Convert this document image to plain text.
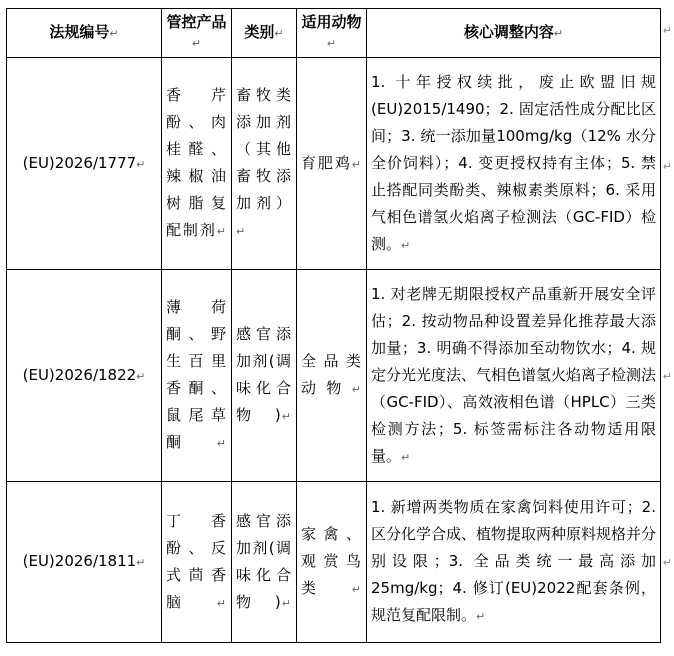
法规编号↵	管控产品↵	类别↵	适用动物↵	核心调整内容↵
(EU)2026/1777↵	香芹酚、肉桂醛、辣椒油树脂复配制剂↵	畜牧类添加剂（其他畜牧添加剂）↵	育肥鸡↵	1. 十年授权续批，废止欧盟旧规(EU)2015/1490；2. 固定活性成分配比区间；3. 统一添加量100mg/kg（12% 水分全价饲料）；4. 变更授权持有主体；5. 禁止搭配同类酚类、辣椒素类原料；6. 采用气相色谱氢火焰离子检测法（GC-FID）检测。↵
(EU)2026/1822↵	薄荷酮、野生百里香酮、鼠尾草酮↵	感官添加剂(调味化合物)↵	全品类动物↵	1. 对老牌无期限授权产品重新开展安全评估；2. 按动物品种设置差异化推荐最大添加量；3. 明确不得添加至动物饮水；4. 规定分光光度法、气相色谱氢火焰离子检测法（GC-FID）、高效液相色谱（HPLC）三类检测方法；5. 标签需标注各动物适用限量。↵
(EU)2026/1811↵	丁香酚、反式茴香脑↵	感官添加剂(调味化合物)↵	家禽、观赏鸟类↵	1. 新增两类物质在家禽饲料使用许可；2. 区分化学合成、植物提取两种原料规格并分别设限；3. 全品类统一最高添加25mg/kg；4. 修订(EU)2022配套条例，规范复配限制。↵
↵
↵
↵
↵
